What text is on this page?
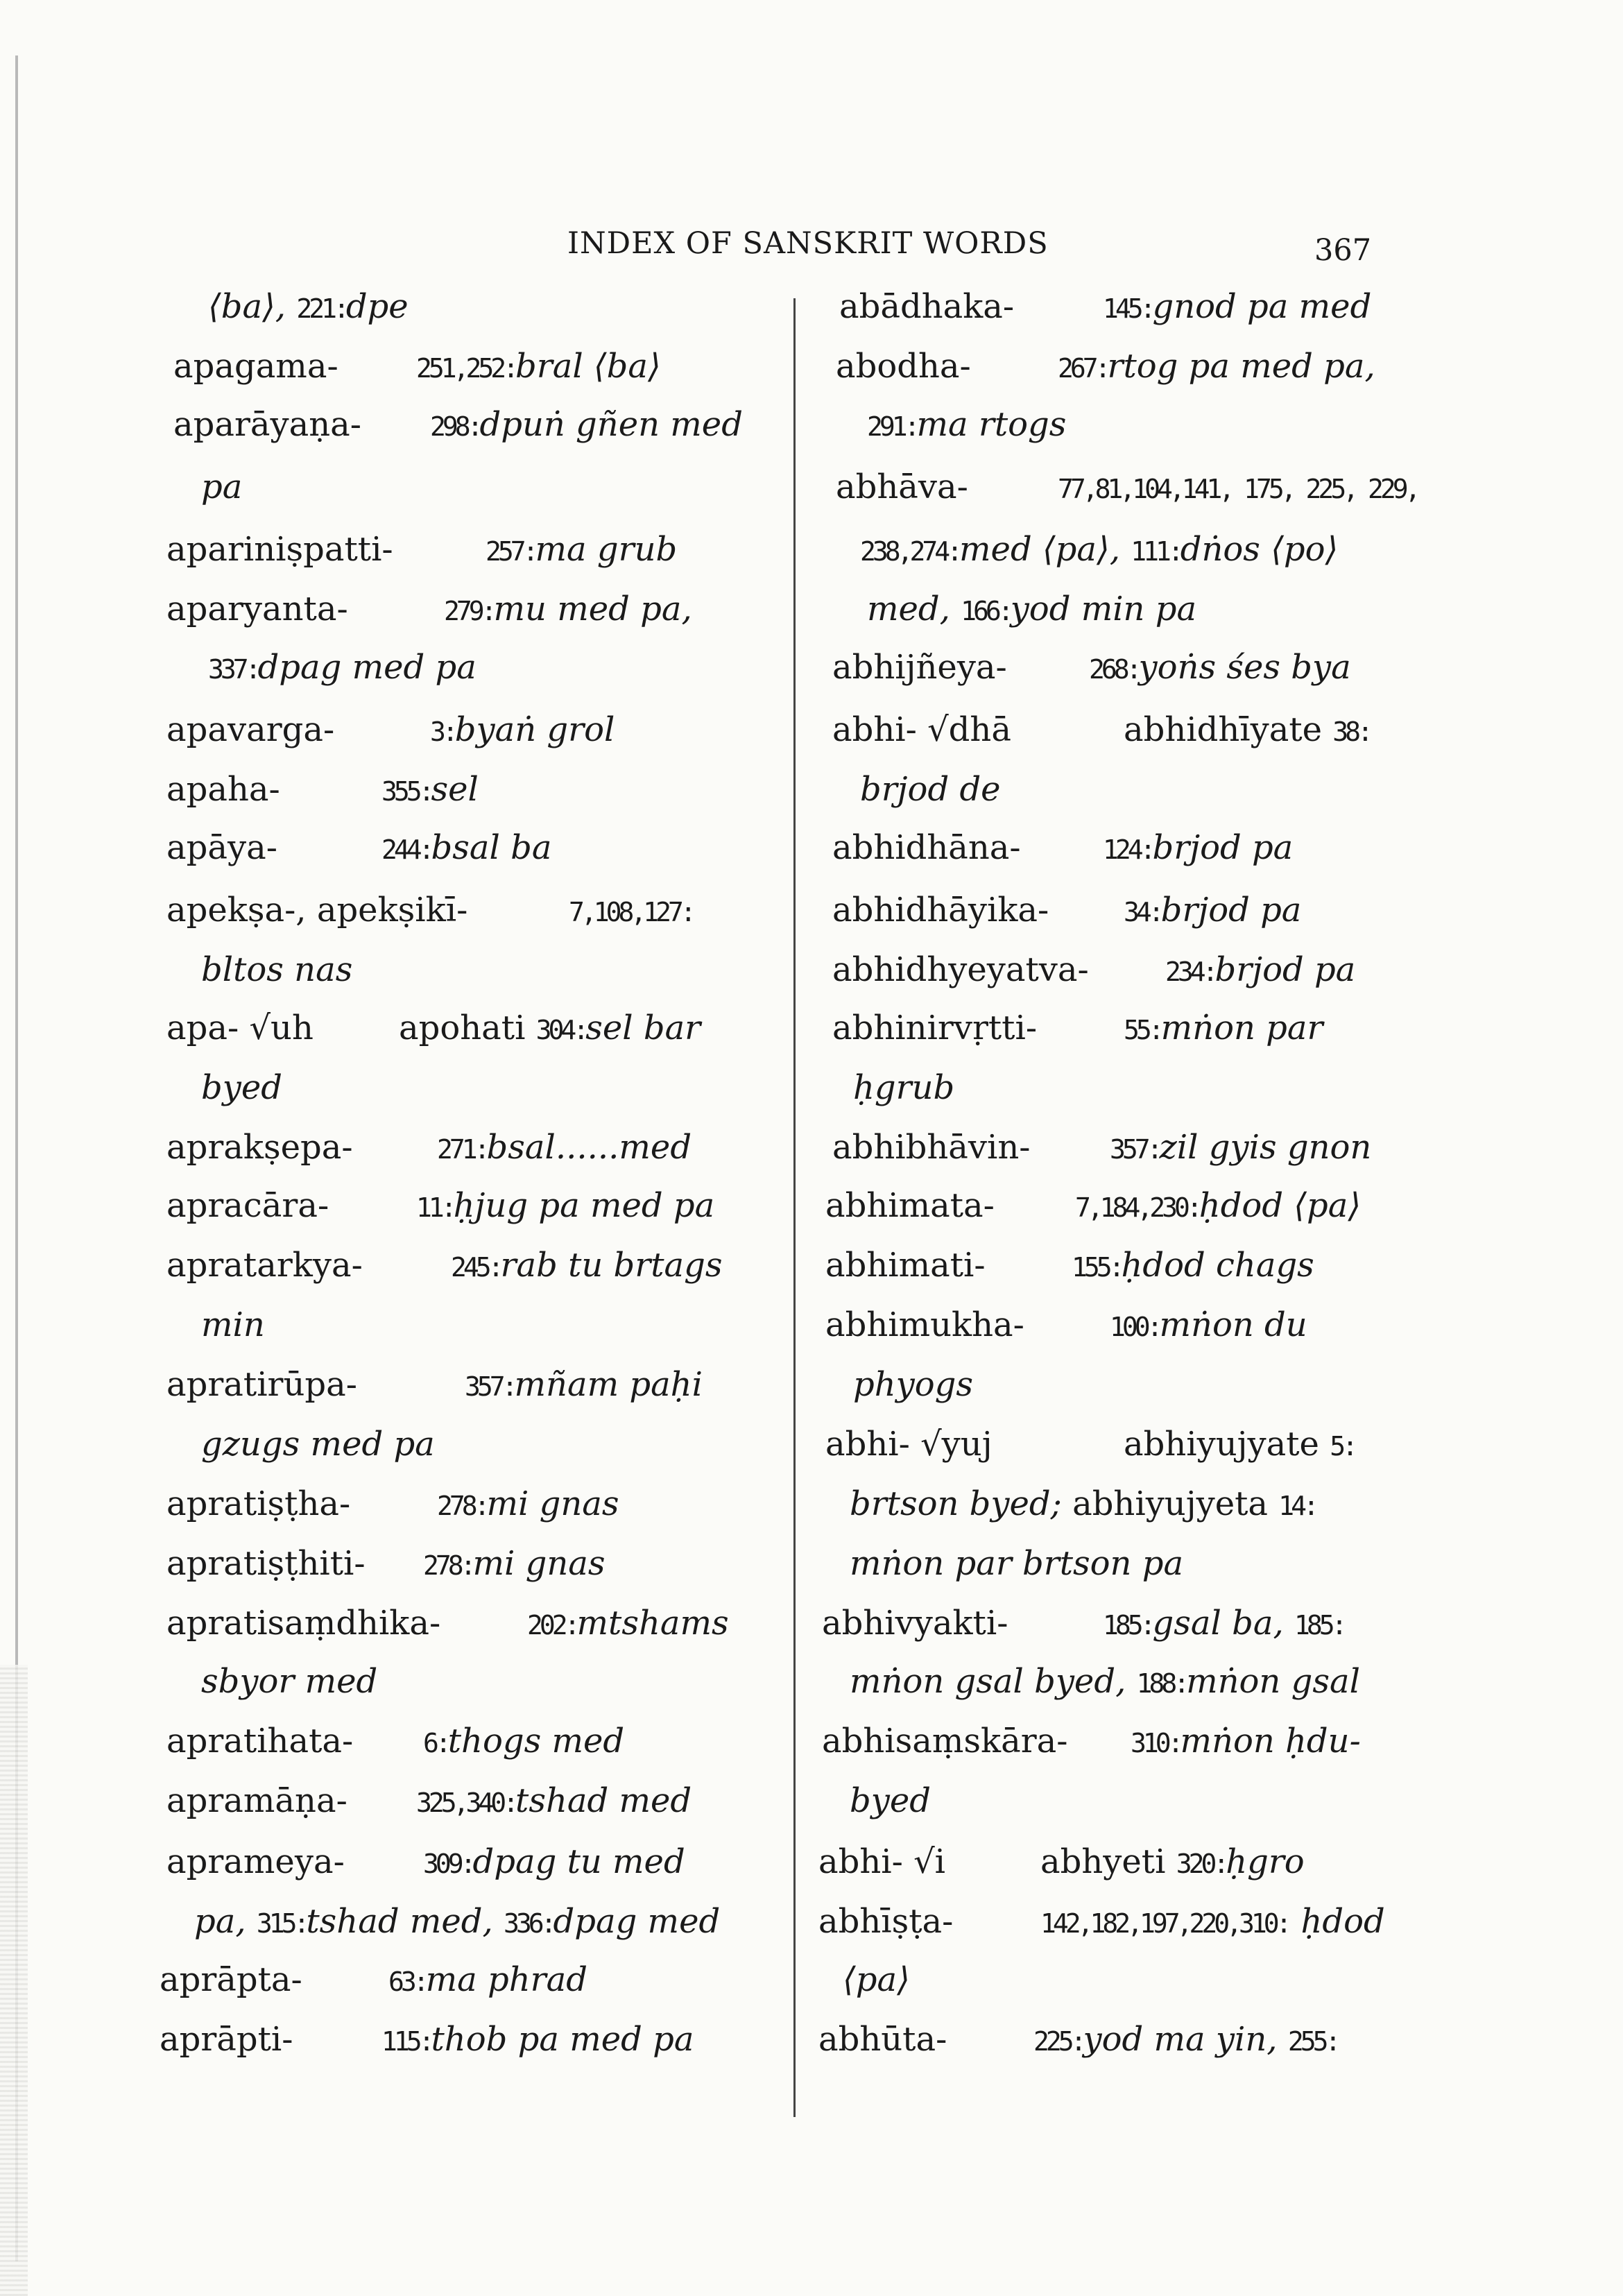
INDEX OF SANSKRIT WORDS	367
⟨ba⟩, 221:dpe
apagama-	251,252:bral ⟨ba⟩
aparāyaṇa-	298:dpuṅ gñen med
pa
apariniṣpatti-	257:ma grub
aparyanta-	279:mu med pa,
337:dpag med pa
apavarga-	3:byaṅ grol
apaha-	355:sel
apāya-	244:bsal ba
apekṣa-, apekṣikī-	7,108,127:
bltos nas
apa- √uh	apohati 304:sel bar
byed
aprakṣepa-	271:bsal......med
apracāra-	11:ḥjug pa med pa
apratarkya-	245:rab tu brtags
min
apratirūpa-	357:mñam paḥi
gzugs med pa
apratiṣṭha-	278:mi gnas
apratiṣṭhiti- 278:mi gnas
apratisaṃdhika-	202:mtshams
sbyor med
apratihata-	6:thogs med
apramāṇa-	325,340:tshad med
aprameya-	309:dpag tu med
pa, 315:tshad med, 336:dpag med
aprāpta-	63:ma phrad
aprāpti-	115:thob pa med pa
abādhaka-	145:gnod pa med
abodha-	267:rtog pa med pa,
291:ma rtogs
abhāva-	77,81,104,141, 175, 225, 229,
238,274:med ⟨pa⟩, 111:dṅos ⟨po⟩
med, 166:yod min pa
abhijñeya-	268:yoṅs śes bya
abhi- √dhā	abhidhīyate 38:
brjod de
abhidhāna-	124:brjod pa
abhidhāyika-	34:brjod pa
abhidhyeyatva-	234:brjod pa
abhinirvṛtti-	55:mṅon par
ḥgrub
abhibhāvin-	357:zil gyis gnon
abhimata-	7,184,230:ḥdod ⟨pa⟩
abhimati-	155:ḥdod chags
abhimukha-	100:mṅon du
phyogs
abhi- √yuj	abhiyujyate 5:
brtson byed; abhiyujyeta 14:
mṅon par brtson pa
abhivyakti-	185:gsal ba, 185:
mṅon gsal byed, 188:mṅon gsal
abhisaṃskāra- 310:mṅon ḥdu-
byed
abhi- √i	abhyeti 320:ḥgro
abhīṣṭa-	142,182,197,220,310: ḥdod
⟨pa⟩
abhūta-	225:yod ma yin, 255:
